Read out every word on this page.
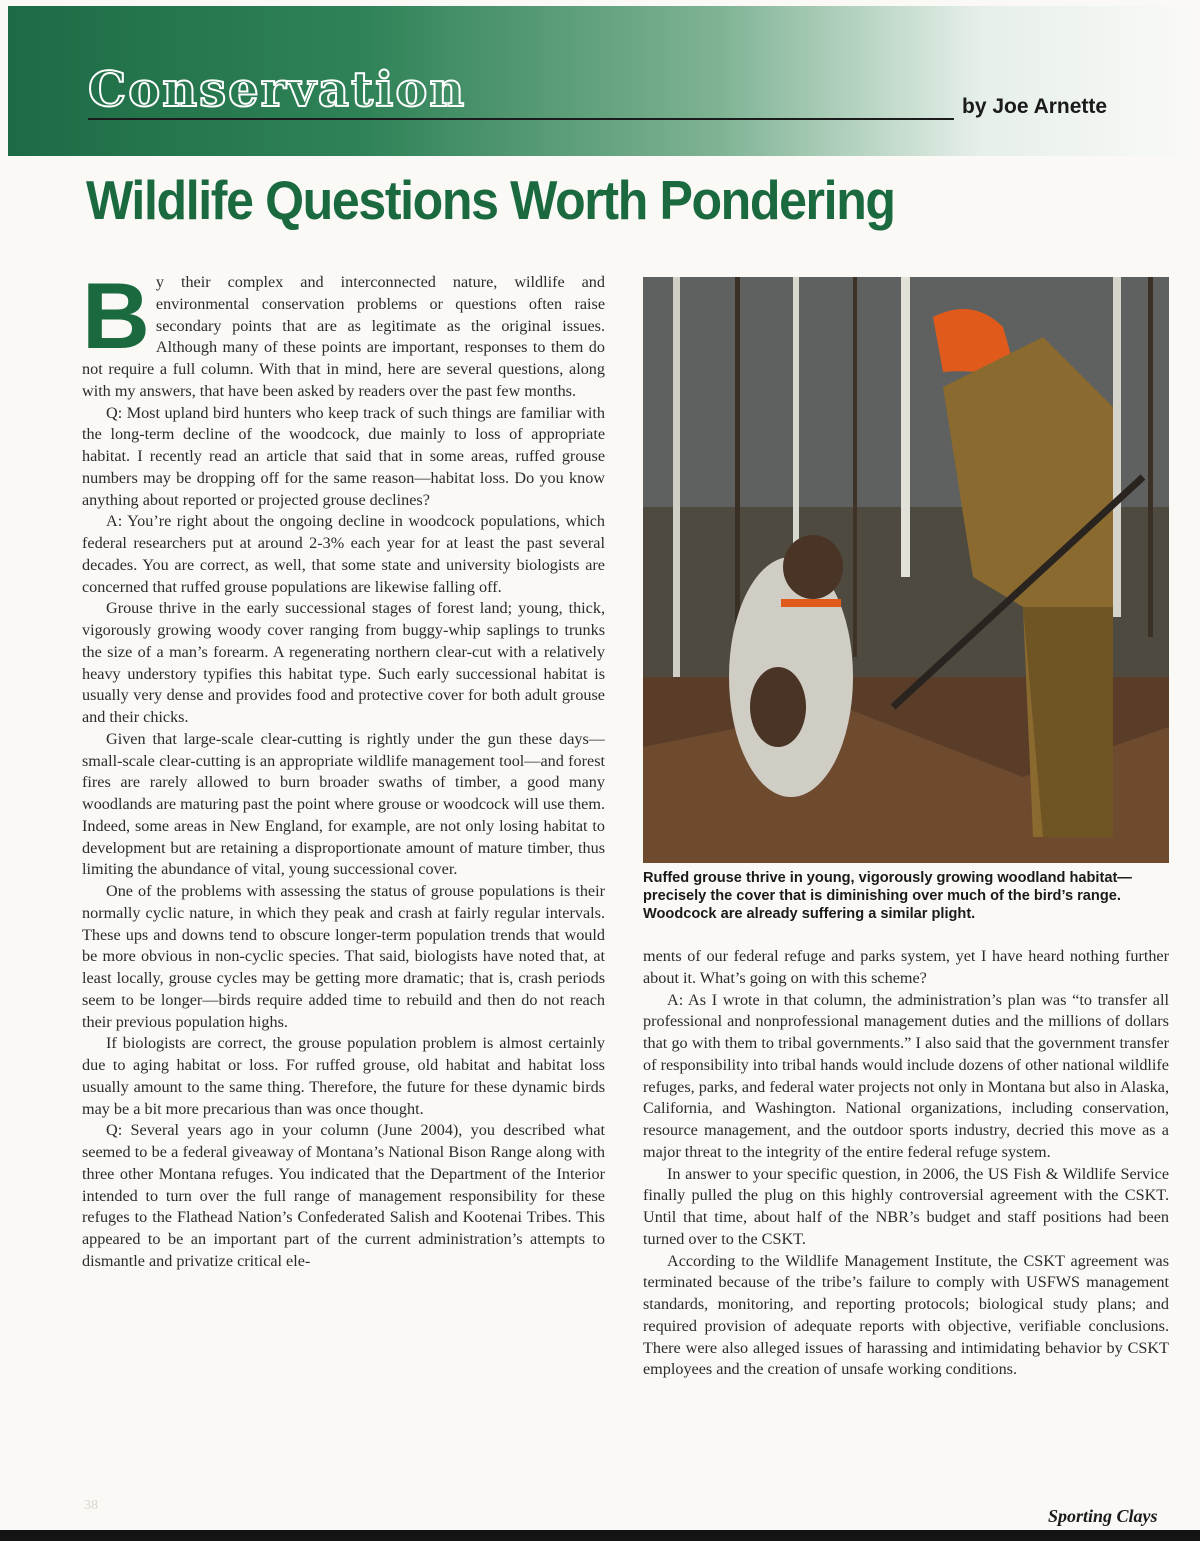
Conservation	by Joe Arnette

Wildlife Questions Worth Pondering

By their complex and interconnected nature, wildlife and environmental conservation problems or questions often raise secondary points that are as legitimate as the original issues. Although many of these points are important, responses to them do not require a full column. With that in mind, here are several questions, along with my answers, that have been asked by readers over the past few months.

Q: Most upland bird hunters who keep track of such things are familiar with the long-term decline of the woodcock, due mainly to loss of appropriate habitat. I recently read an article that said that in some areas, ruffed grouse numbers may be dropping off for the same reason—habitat loss. Do you know anything about reported or projected grouse declines?

A: You’re right about the ongoing decline in woodcock populations, which federal researchers put at around 2-3% each year for at least the past several decades. You are correct, as well, that some state and university biologists are concerned that ruffed grouse populations are likewise falling off.

Grouse thrive in the early successional stages of forest land; young, thick, vigorously growing woody cover ranging from buggy-whip saplings to trunks the size of a man’s forearm. A regenerating northern clear-cut with a relatively heavy understory typifies this habitat type. Such early successional habitat is usually very dense and provides food and protective cover for both adult grouse and their chicks.

Given that large-scale clear-cutting is rightly under the gun these days—small-scale clear-cutting is an appropriate wildlife management tool—and forest fires are rarely allowed to burn broader swaths of timber, a good many woodlands are maturing past the point where grouse or woodcock will use them. Indeed, some areas in New England, for example, are not only losing habitat to development but are retaining a disproportionate amount of mature timber, thus limiting the abundance of vital, young successional cover.

One of the problems with assessing the status of grouse populations is their normally cyclic nature, in which they peak and crash at fairly regular intervals. These ups and downs tend to obscure longer-term population trends that would be more obvious in non-cyclic species. That said, biologists have noted that, at least locally, grouse cycles may be getting more dramatic; that is, crash periods seem to be longer—birds require added time to rebuild and then do not reach their previous population highs.

If biologists are correct, the grouse population problem is almost certainly due to aging habitat or loss. For ruffed grouse, old habitat and habitat loss usually amount to the same thing. Therefore, the future for these dynamic birds may be a bit more precarious than was once thought.

Q: Several years ago in your column (June 2004), you described what seemed to be a federal giveaway of Montana’s National Bison Range along with three other Montana refuges. You indicated that the Department of the Interior intended to turn over the full range of management responsibility for these refuges to the Flathead Nation’s Confederated Salish and Kootenai Tribes. This appeared to be an important part of the current administration’s attempts to dismantle and privatize critical ele-

Ruffed grouse thrive in young, vigorously growing woodland habitat—precisely the cover that is diminishing over much of the bird’s range. Woodcock are already suffering a similar plight.

ments of our federal refuge and parks system, yet I have heard nothing further about it. What’s going on with this scheme?

A: As I wrote in that column, the administration’s plan was “to transfer all professional and nonprofessional management duties and the millions of dollars that go with them to tribal governments.” I also said that the government transfer of responsibility into tribal hands would include dozens of other national wildlife refuges, parks, and federal water projects not only in Montana but also in Alaska, California, and Washington. National organizations, including conservation, resource management, and the outdoor sports industry, decried this move as a major threat to the integrity of the entire federal refuge system.

In answer to your specific question, in 2006, the US Fish & Wildlife Service finally pulled the plug on this highly controversial agreement with the CSKT. Until that time, about half of the NBR’s budget and staff positions had been turned over to the CSKT.

According to the Wildlife Management Institute, the CSKT agreement was terminated because of the tribe’s failure to comply with USFWS management standards, monitoring, and reporting protocols; biological study plans; and required provision of adequate reports with objective, verifiable conclusions. There were also alleged issues of harassing and intimidating behavior by CSKT employees and the creation of unsafe working conditions.

38

Sporting Clays
